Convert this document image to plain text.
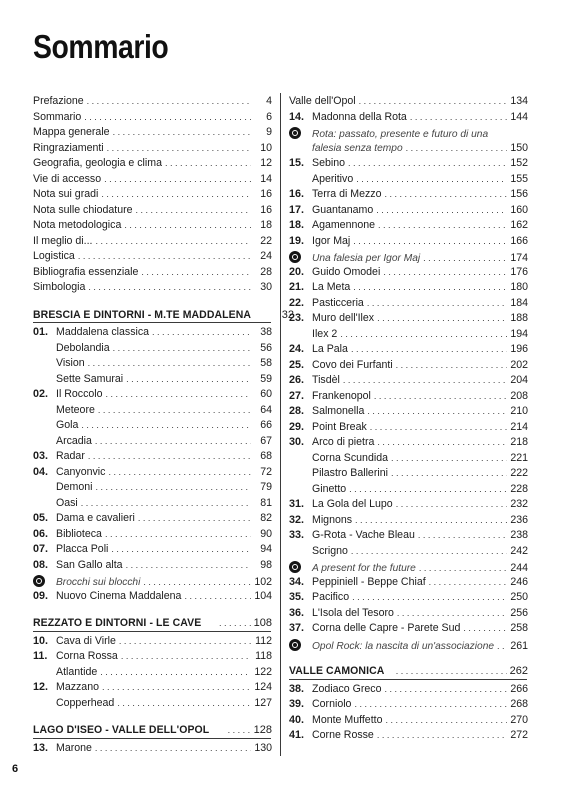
Sommario
Prefazione . . .	4
Sommario . . .	6
Mappa generale . . .	9
Ringraziamenti . . .	10
Geografia, geologia e clima . . .	12
Vie di accesso . . .	14
Nota sui gradi . . .	16
Nota sulle chiodature . . .	16
Nota metodologica . . .	18
Il meglio di... . . .	22
Logistica . . .	24
Bibliografia essenziale . . .	28
Simbologia . . .	30
BRESCIA E DINTORNI - M.TE MADDALENA	32
01. Maddalena classica . . .	38
Debolandia . . .	56
Vision . . .	58
Sette Samurai . . .	59
02. Il Roccolo . . .	60
Meteore . . .	64
Gola . . .	66
Arcadia . . .	67
03. Radar . . .	68
04. Canyonvic . . .	72
Demoni . . .	79
Oasi . . .	81
05. Dama e cavalieri . . .	82
06. Biblioteca . . .	90
07. Placca Poli . . .	94
08. San Gallo alta . . .	98
Brocchi sui blocchi . . .	102
09. Nuovo Cinema Maddalena . . .	104
REZZATO E DINTORNI - LE CAVE . . .	108
10. Cava di Virle . . .	112
11. Corna Rossa . . .	118
Atlantide . . .	122
12. Mazzano . . .	124
Copperhead . . .	127
LAGO D'ISEO - VALLE DELL'OPOL . . .	128
13. Marone . . .	130
Valle dell'Opol . . .	134
14. Madonna della Rota . . .	144
Rota: passato, presente e futuro di una
falesia senza tempo . . .	150
15. Sebino . . .	152
Aperitivo . . .	155
16. Terra di Mezzo . . .	156
17. Guantanamo . . .	160
18. Agamennone . . .	162
19. Igor Maj . . .	166
Una falesia per Igor Maj . . .	174
20. Guido Omodei . . .	176
21. La Meta . . .	180
22. Pasticceria . . .	184
23. Muro dell'Ilex . . .	188
Ilex 2 . . .	194
24. La Pala . . .	196
25. Covo dei Furfanti . . .	202
26. Tisdèl . . .	204
27. Frankenopol . . .	208
28. Salmonella . . .	210
29. Point Break . . .	214
30. Arco di pietra . . .	218
Corna Scundida . . .	221
Pilastro Ballerini . . .	222
Ginetto . . .	228
31. La Gola del Lupo . . .	232
32. Mignons . . .	236
33. G-Rota - Vache Bleau . . .	238
Scrigno . . .	242
A present for the future . . .	244
34. Peppiniell - Beppe Chiaf . . .	246
35. Pacifico . . .	250
36. L'Isola del Tesoro . . .	256
37. Corna delle Capre - Parete Sud . . .	258
Opol Rock: la nascita di un'associazione . . . 261
VALLE CAMONICA . . .	262
38. Zodiaco Greco . . .	266
39. Corniolo . . .	268
40. Monte Muffetto . . .	270
41. Corne Rosse . . .	272
6
